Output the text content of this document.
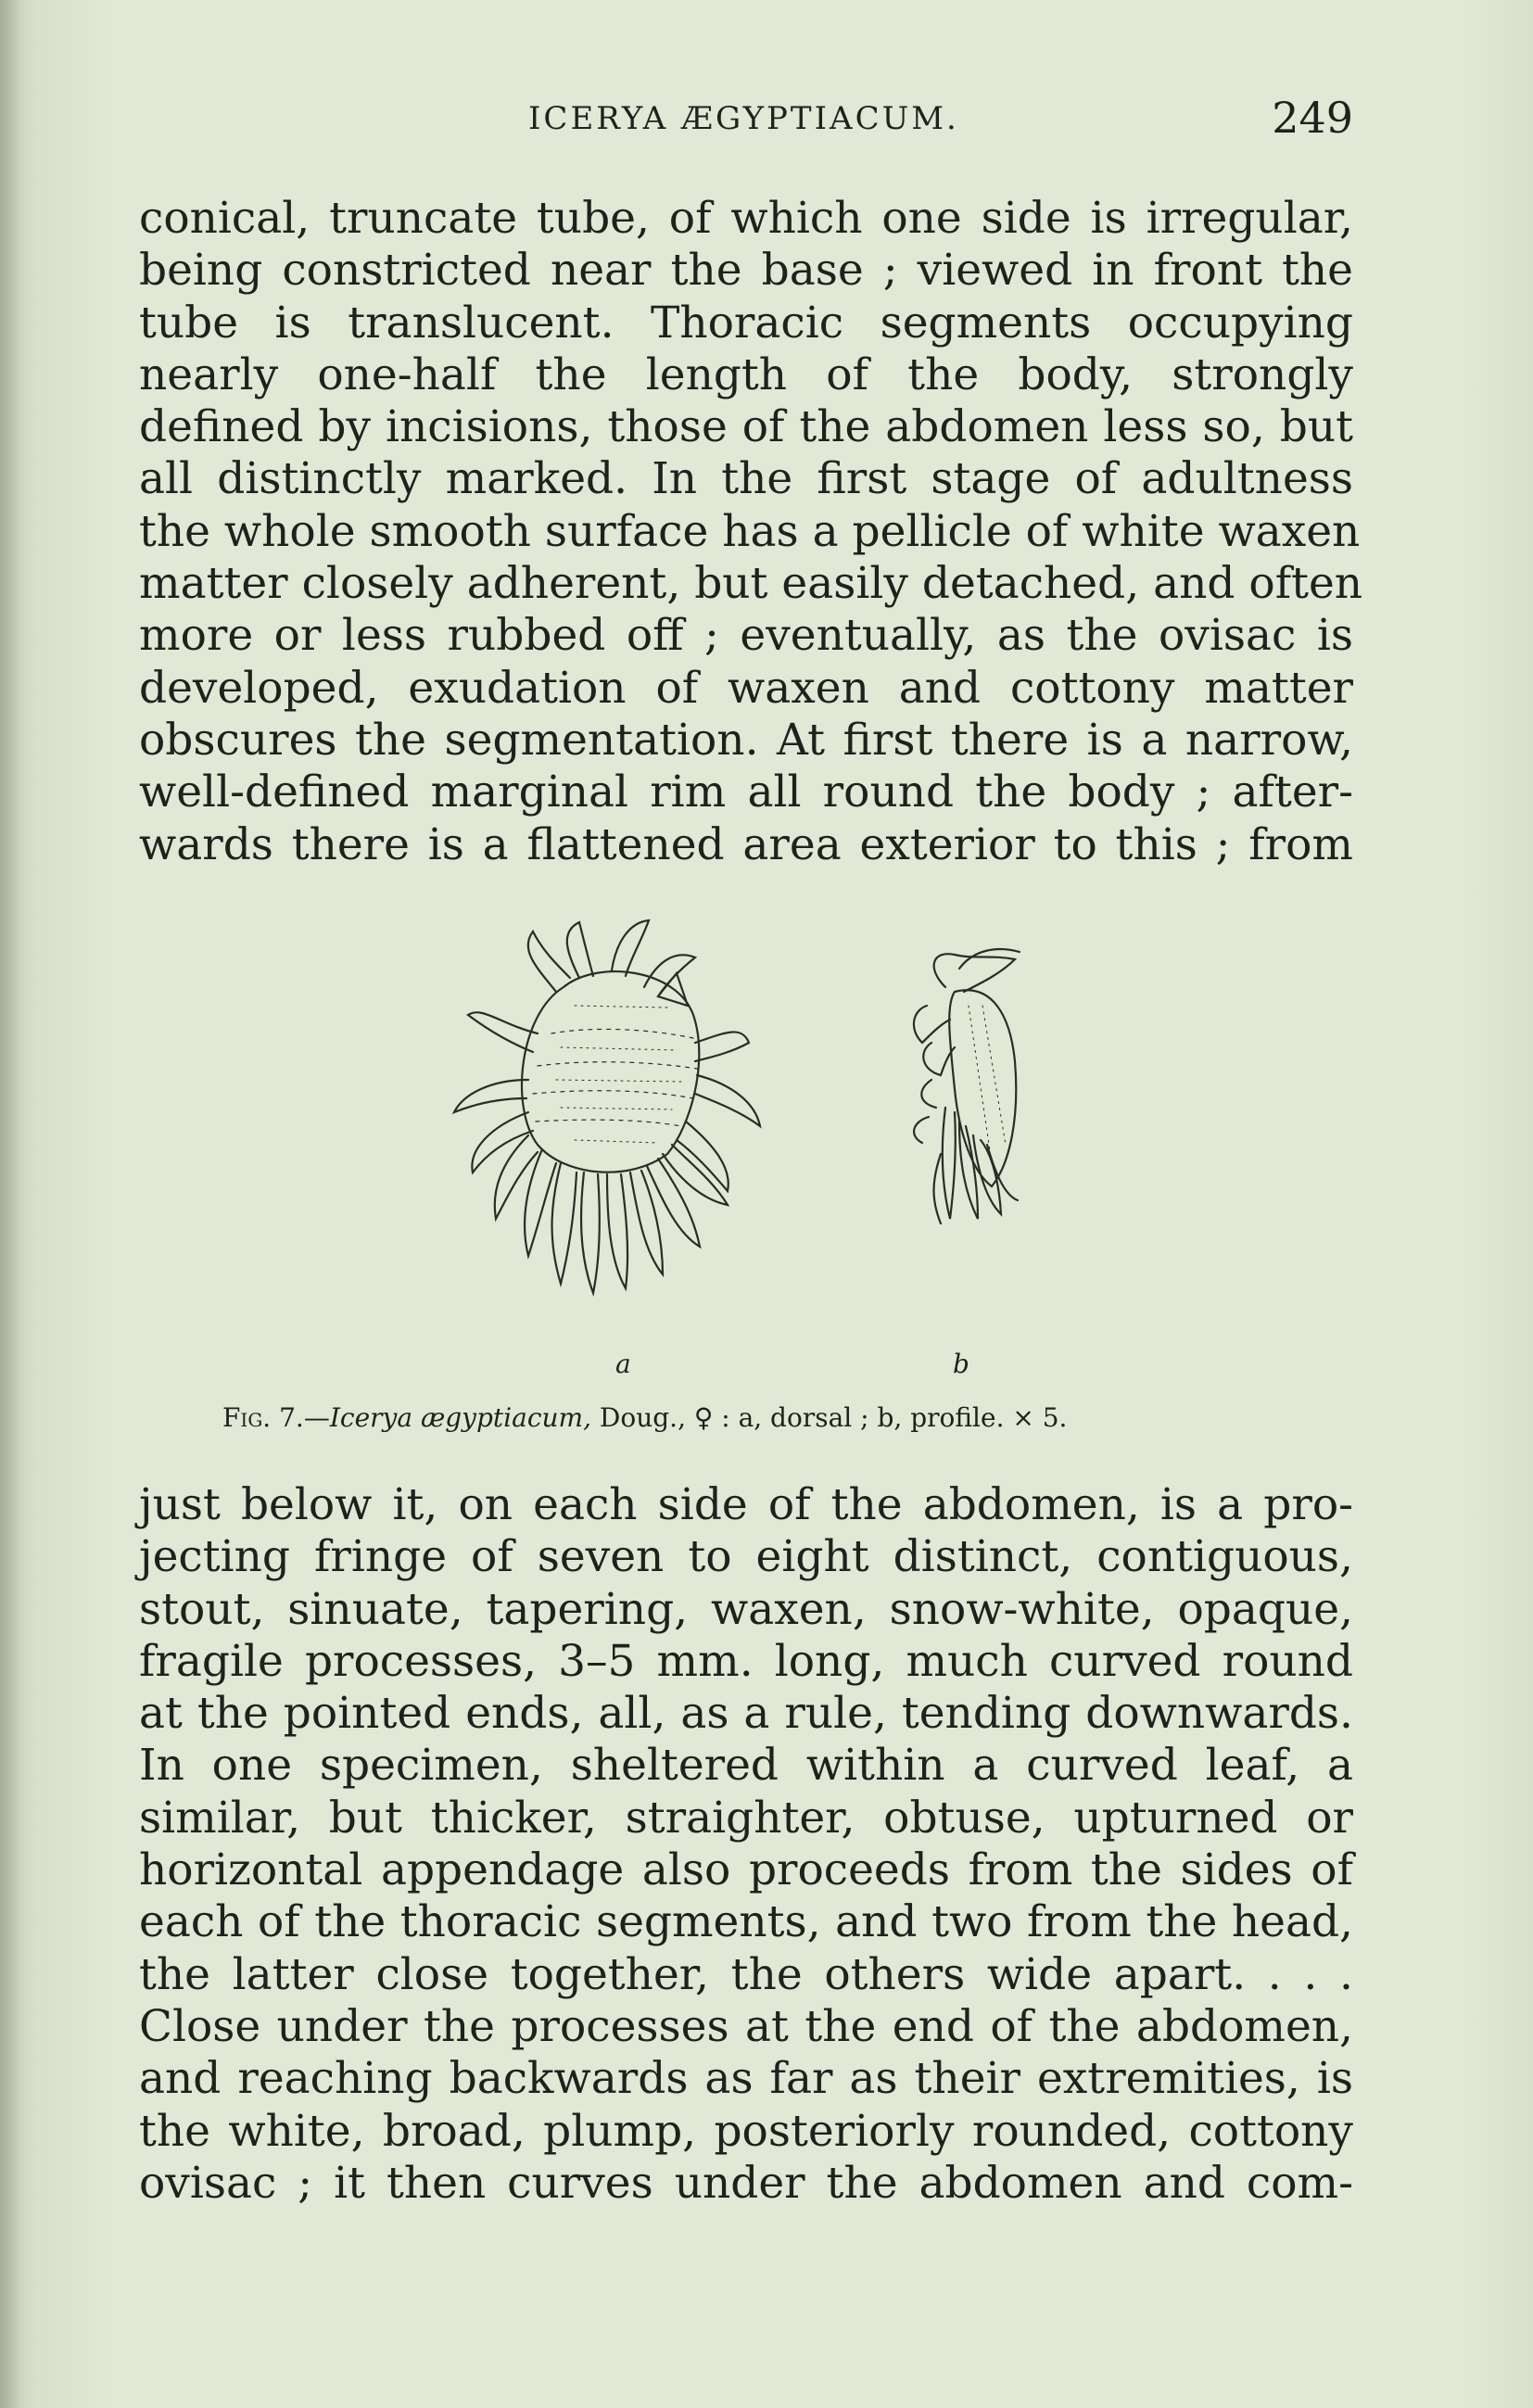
ICERYA ÆGYPTIACUM.	249
conical, truncate tube, of which one side is irregular,
being constricted near the base ; viewed in front the
tube is translucent. Thoracic segments occupying
nearly one-half the length of the body, strongly
defined by incisions, those of the abdomen less so, but
all distinctly marked. In the first stage of adultness
the whole smooth surface has a pellicle of white waxen
matter closely adherent, but easily detached, and often
more or less rubbed off ; eventually, as the ovisac is
developed, exudation of waxen and cottony matter
obscures the segmentation. At first there is a narrow,
well-defined marginal rim all round the body ; after-
wards there is a flattened area exterior to this ; from
a	b
Fig. 7.—Icerya ægyptiacum, Doug., ♀ : a, dorsal ; b, profile. × 5.
just below it, on each side of the abdomen, is a pro-
jecting fringe of seven to eight distinct, contiguous,
stout, sinuate, tapering, waxen, snow-white, opaque,
fragile processes, 3–5 mm. long, much curved round
at the pointed ends, all, as a rule, tending downwards.
In one specimen, sheltered within a curved leaf, a
similar, but thicker, straighter, obtuse, upturned or
horizontal appendage also proceeds from the sides of
each of the thoracic segments, and two from the head,
the latter close together, the others wide apart. . . .
Close under the processes at the end of the abdomen,
and reaching backwards as far as their extremities, is
the white, broad, plump, posteriorly rounded, cottony
ovisac ; it then curves under the abdomen and com-
